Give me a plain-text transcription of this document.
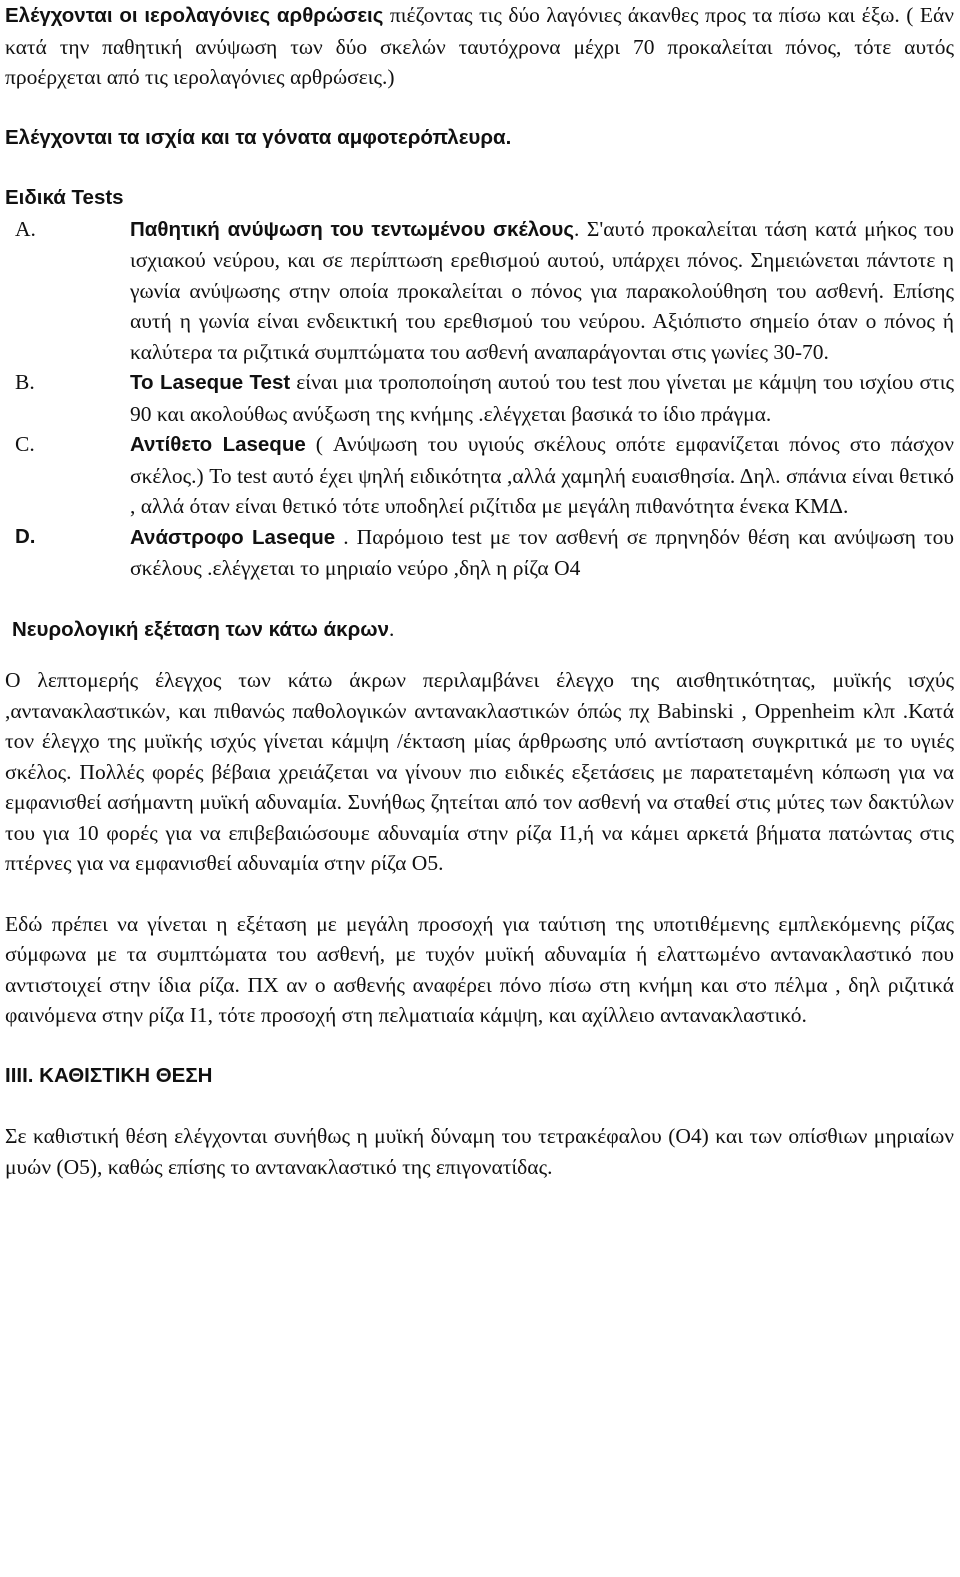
Ελέγχονται οι ιερολαγόνιες αρθρώσεις πιέζοντας τις δύο λαγόνιες άκανθες προς τα πίσω και έξω. ( Εάν κατά την παθητική ανύψωση των δύο σκελών ταυτόχρονα μέχρι 70 προκαλείται πόνος, τότε αυτός προέρχεται από τις ιερολαγόνιες αρθρώσεις.)

Ελέγχονται τα ισχία και τα γόνατα αμφοτερόπλευρα.

Ειδικά Tests

A.	Παθητική ανύψωση του τεντωμένου σκέλους. Σ'αυτό προκαλείται τάση κατά μήκος του ισχιακού νεύρου, και σε περίπτωση ερεθισμού αυτού, υπάρχει πόνος. Σημειώνεται πάντοτε η γωνία ανύψωσης στην οποία προκαλείται ο πόνος για παρακολούθηση του ασθενή. Επίσης αυτή η γωνία είναι ενδεικτική του ερεθισμού του νεύρου. Αξιόπιστο σημείο όταν ο πόνος ή καλύτερα τα ριζιτικά συμπτώματα του ασθενή αναπαράγονται στις γωνίες 30-70.
B.	Το Laseque Test είναι μια τροποποίηση αυτού του test που γίνεται με κάμψη του ισχίου στις 90 και ακολούθως ανύξωση της κνήμης .ελέγχεται βασικά το ίδιο πράγμα.
C.	Αντίθετο Laseque ( Ανύψωση του υγιούς σκέλους οπότε εμφανίζεται πόνος στο πάσχον σκέλος.) Το test αυτό έχει ψηλή ειδικότητα ,αλλά χαμηλή ευαισθησία. Δηλ. σπάνια είναι θετικό , αλλά όταν είναι θετικό τότε υποδηλεί ριζίτιδα με μεγάλη πιθανότητα ένεκα ΚΜΔ.
D.	Ανάστροφο Laseque . Παρόμοιο test με τον ασθενή σε πρηνηδόν θέση και ανύψωση του σκέλους .ελέγχεται το μηριαίο νεύρο ,δηλ η ρίζα Ο4

Νευρολογική εξέταση των κάτω άκρων.

Ο λεπτομερής έλεγχος των κάτω άκρων περιλαμβάνει έλεγχο της αισθητικότητας, μυϊκής ισχύς ,αντανακλαστικών, και πιθανώς παθολογικών αντανακλαστικών όπώς πχ Babinski , Oppenheim κλπ .Κατά τον έλεγχο της μυϊκής ισχύς γίνεται κάμψη /έκταση μίας άρθρωσης υπό αντίσταση συγκριτικά με το υγιές σκέλος. Πολλές φορές βέβαια χρειάζεται να γίνουν πιο ειδικές εξετάσεις με παρατεταμένη κόπωση για να εμφανισθεί ασήμαντη μυϊκή αδυναμία. Συνήθως ζητείται από τον ασθενή να σταθεί στις μύτες των δακτύλων του για 10 φορές για να επιβεβαιώσουμε αδυναμία στην ρίζα Ι1,ή να κάμει αρκετά βήματα πατώντας στις πτέρνες για να εμφανισθεί αδυναμία στην ρίζα Ο5.

Εδώ πρέπει να γίνεται η εξέταση με μεγάλη προσοχή για ταύτιση της υποτιθέμενης εμπλεκόμενης ρίζας σύμφωνα με τα συμπτώματα του ασθενή, με τυχόν μυϊκή αδυναμία ή ελαττωμένο αντανακλαστικό που αντιστοιχεί στην ίδια ρίζα. ΠΧ αν ο ασθενής αναφέρει πόνο πίσω στη κνήμη και στο πέλμα , δηλ ριζιτικά φαινόμενα στην ρίζα Ι1, τότε προσοχή στη πελματιαία κάμψη, και αχίλλειο αντανακλαστικό.

ΙΙΙΙ. ΚΑΘΙΣΤΙΚΗ ΘΕΣΗ

Σε καθιστική θέση ελέγχονται συνήθως η μυϊκή δύναμη του τετρακέφαλου (Ο4) και των οπίσθιων μηριαίων μυών (Ο5), καθώς επίσης το αντανακλαστικό της επιγονατίδας.
